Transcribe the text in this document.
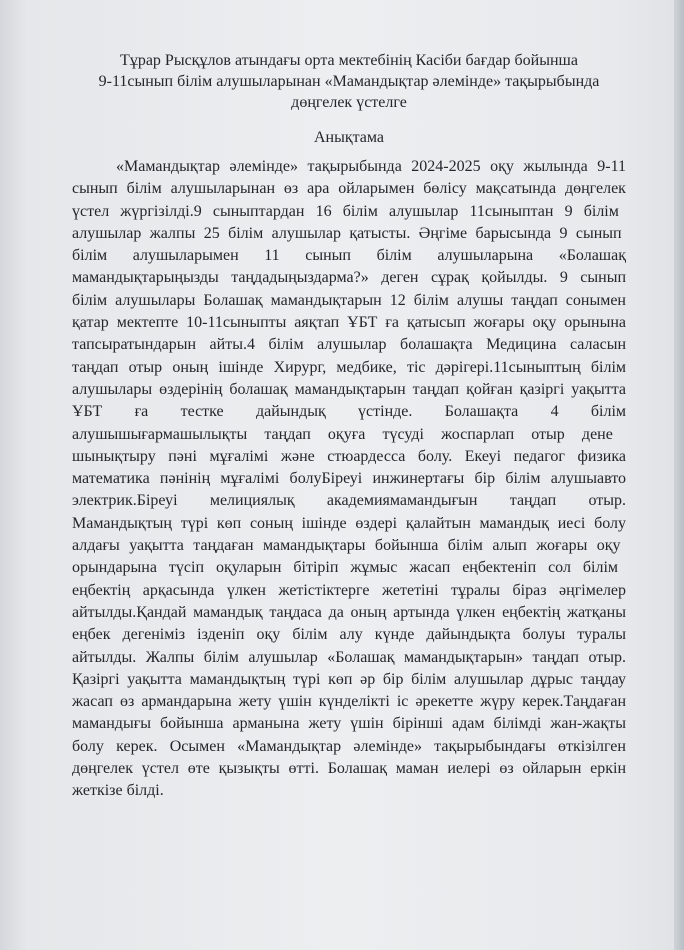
Тұрар Рысқұлов атындағы орта мектебінің Касіби бағдар бойынша
9-11сынып білім алушыларынан «Мамандықтар әлемінде» тақырыбында
дөңгелек үстелге

Анықтама

«Мамандықтар әлемінде» тақырыбында 2024-2025 оқу жылында 9-11
сынып білім алушыларынан өз ара ойларымен бөлісу мақсатында дөңгелек
үстел жүргізілді.9 сыныптардан 16 білім алушылар 11сыныптан 9 білім
алушылар жалпы 25 білім алушылар қатысты. Әңгіме барысында 9 сынып
білім алушыларымен 11 сынып білім алушыларына «Болашақ
мамандықтарыңызды таңдадыңыздарма?» деген сұрақ қойылды. 9 сынып
білім алушылары Болашақ мамандықтарын 12 білім алушы таңдап сонымен
қатар мектепте 10-11сыныпты аяқтап ҰБТ ға қатысып жоғары оқу орынына
тапсыратындарын айты.4 білім алушылар болашақта Медицина саласын
таңдап отыр оның ішінде Хирург, медбике, тіс дәрігері.11сыныптың білім
алушылары өздерінің болашақ мамандықтарын таңдап қойған қазіргі уақытта
ҰБТ ға тестке дайындық үстінде. Болашақта 4 білім
алушышығармашылықты таңдап оқуға түсуді жоспарлап отыр дене
шынықтыру пәні мұғалімі және стюардесса болу. Екеуі педагог физика
математика пәнінің мұғалімі болуБіреуі инжинертағы бір білім алушыавто
электрик.Біреуі мелициялық академиямамандығын таңдап отыр.
Мамандықтың түрі көп соның ішінде өздері қалайтын мамандық иесі болу
алдағы уақытта таңдаған мамандықтары бойынша білім алып жоғары оқу
орындарына түсіп оқуларын бітіріп жұмыс жасап еңбектеніп сол білім
еңбектің арқасында үлкен жетістіктерге жететіні тұралы біраз әңгімелер
айтылды.Қандай мамандық таңдаса да оның артында үлкен еңбектің жатқаны
еңбек дегеніміз ізденіп оқу білім алу күнде дайындықта болуы туралы
айтылды. Жалпы білім алушылар «Болашақ мамандықтарын» таңдап отыр.
Қазіргі уақытта мамандықтың түрі көп әр бір білім алушылар дұрыс таңдау
жасап өз армандарына жету үшін күнделікті іс әрекетте жүру керек.Таңдаған
мамандығы бойынша арманына жету үшін бірінші адам білімді жан-жақты
болу керек. Осымен «Мамандықтар әлемінде» тақырыбындағы өткізілген
дөңгелек үстел өте қызықты өтті. Болашақ маман иелері өз ойларын еркін
жеткізе білді.
